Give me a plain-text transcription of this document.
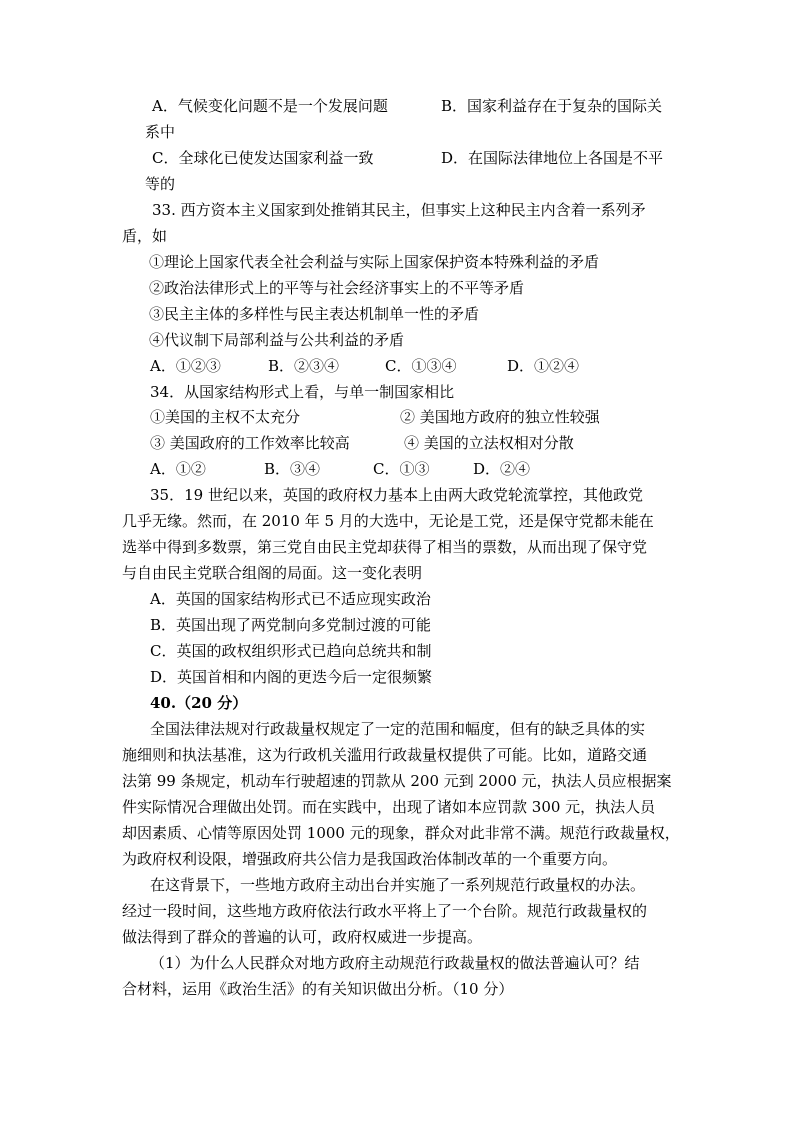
A．气候变化问题不是一个发展问题	B．国家利益存在于复杂的国际关
系中
C．全球化已使发达国家利益一致	D．在国际法律地位上各国是不平
等的
33. 西方资本主义国家到处推销其民主，但事实上这种民主内含着一系列矛
盾，如
①理论上国家代表全社会利益与实际上国家保护资本特殊利益的矛盾
②政治法律形式上的平等与社会经济事实上的不平等矛盾
③民主主体的多样性与民主表达机制单一性的矛盾
④代议制下局部利益与公共利益的矛盾
A．①②③	B．②③④	C．①③④	D．①②④
34．从国家结构形式上看，与单一制国家相比
①美国的主权不太充分	② 美国地方政府的独立性较强
③ 美国政府的工作效率比较高	④ 美国的立法权相对分散
A．①②	B．③④	C．①③	D．②④
35．19 世纪以来，英国的政府权力基本上由两大政党轮流掌控，其他政党
几乎无缘。然而，在 2010 年 5 月的大选中，无论是工党，还是保守党都未能在
选举中得到多数票，第三党自由民主党却获得了相当的票数，从而出现了保守党
与自由民主党联合组阁的局面。这一变化表明
A．英国的国家结构形式已不适应现实政治
B．英国出现了两党制向多党制过渡的可能
C．英国的政权组织形式已趋向总统共和制
D．英国首相和内阁的更迭今后一定很频繁
40.（20 分）
全国法律法规对行政裁量权规定了一定的范围和幅度，但有的缺乏具体的实
施细则和执法基准，这为行政机关滥用行政裁量权提供了可能。比如，道路交通
法第 99 条规定，机动车行驶超速的罚款从 200 元到 2000 元，执法人员应根据案
件实际情况合理做出处罚。而在实践中，出现了诸如本应罚款 300 元，执法人员
却因素质、心情等原因处罚 1000 元的现象，群众对此非常不满。规范行政裁量权，
为政府权利设限，增强政府共公信力是我国政治体制改革的一个重要方向。
在这背景下，一些地方政府主动出台并实施了一系列规范行政量权的办法。
经过一段时间，这些地方政府依法行政水平将上了一个台阶。规范行政裁量权的
做法得到了群众的普遍的认可，政府权威进一步提高。
（1）为什么人民群众对地方政府主动规范行政裁量权的做法普遍认可？结
合材料，运用《政治生活》的有关知识做出分析。（10 分）
